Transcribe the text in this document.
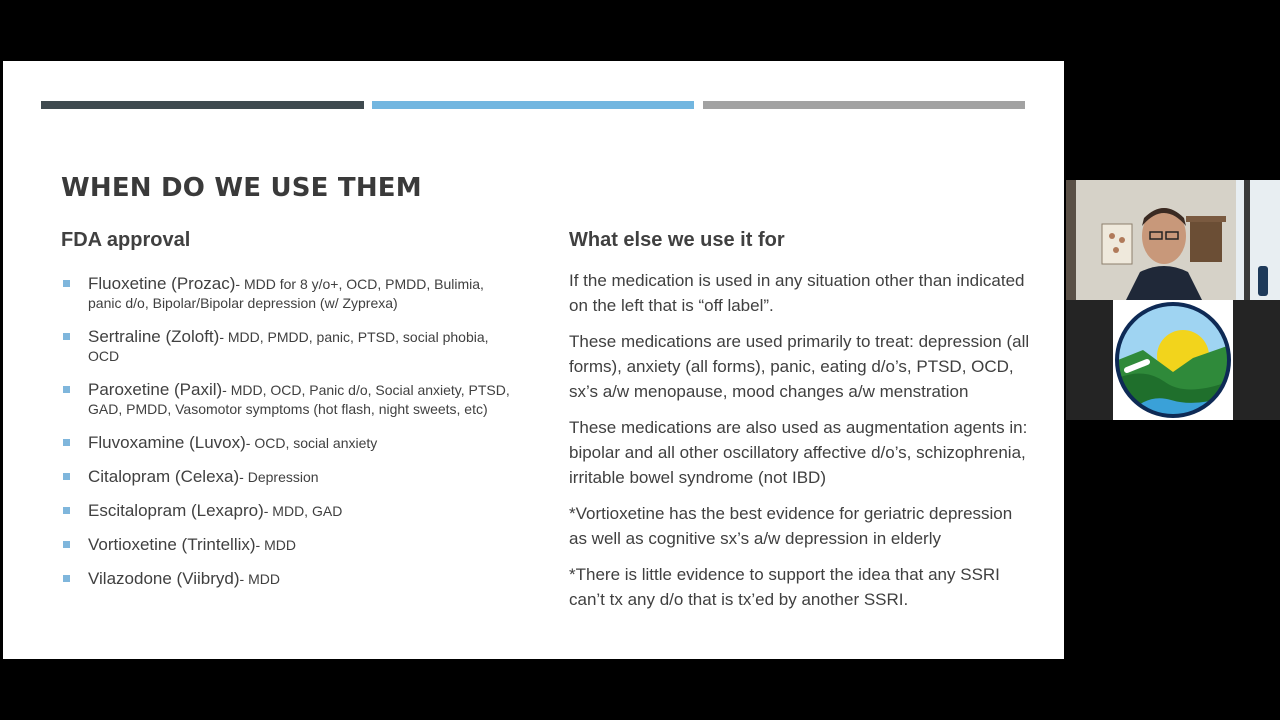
WHEN DO WE USE THEM
FDA approval	What else we use it for
Fluoxetine (Prozac)- MDD for 8 y/o+, OCD, PMDD, Bulimia, panic d/o, Bipolar/Bipolar depression (w/ Zyprexa)
Sertraline (Zoloft)- MDD, PMDD, panic, PTSD, social phobia, OCD
Paroxetine (Paxil)- MDD, OCD, Panic d/o, Social anxiety, PTSD, GAD, PMDD, Vasomotor symptoms (hot flash, night sweets, etc)
Fluvoxamine (Luvox)- OCD, social anxiety
Citalopram (Celexa)- Depression
Escitalopram (Lexapro)- MDD, GAD
Vortioxetine (Trintellix)- MDD
Vilazodone (Viibryd)- MDD

If the medication is used in any situation other than indicated on the left that is “off label”.

These medications are used primarily to treat: depression (all forms), anxiety (all forms), panic, eating d/o’s, PTSD, OCD, sx’s a/w menopause, mood changes a/w menstration

These medications are also used as augmentation agents in: bipolar and all other oscillatory affective d/o’s, schizophrenia, irritable bowel syndrome (not IBD)

*Vortioxetine has the best evidence for geriatric depression as well as cognitive sx’s a/w depression in elderly

*There is little evidence to support the idea that any SSRI can’t tx any d/o that is tx’ed by another SSRI.
